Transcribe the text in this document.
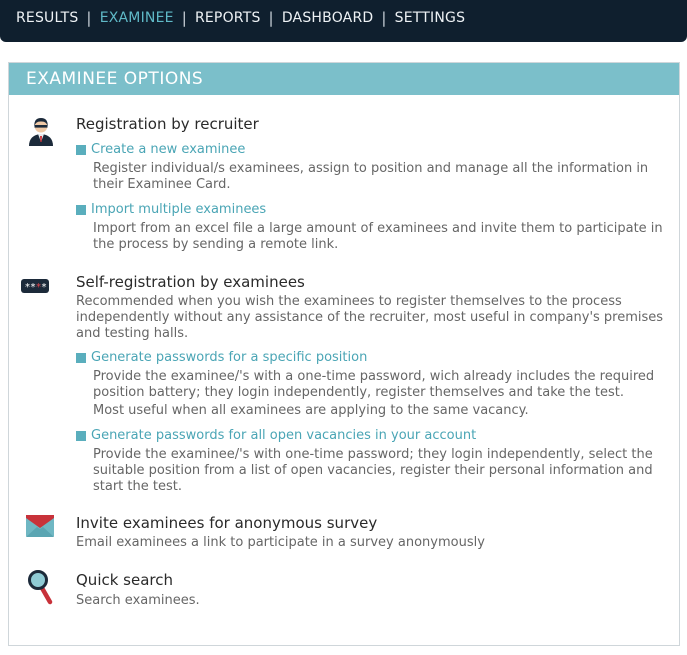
RESULTS | EXAMINEE | REPORTS | DASHBOARD | SETTINGS
EXAMINEE OPTIONS
Registration by recruiter
Create a new examinee
Register individual/s examinees, assign to position and manage all the information in their Examinee Card.
Import multiple examinees
Import from an excel file a large amount of examinees and invite them to participate in the process by sending a remote link.
* * * * Self-registration by examinees
Recommended when you wish the examinees to register themselves to the process independently without any assistance of the recruiter, most useful in company's premises and testing halls.
Generate passwords for a specific position
Provide the examinee/'s with a one-time password, wich already includes the required position battery; they login independently, register themselves and take the test.
Most useful when all examinees are applying to the same vacancy.
Generate passwords for all open vacancies in your account
Provide the examinee/'s with one-time password; they login independently, select the suitable position from a list of open vacancies, register their personal information and start the test.
Invite examinees for anonymous survey
Email examinees a link to participate in a survey anonymously
Quick search
Search examinees.
